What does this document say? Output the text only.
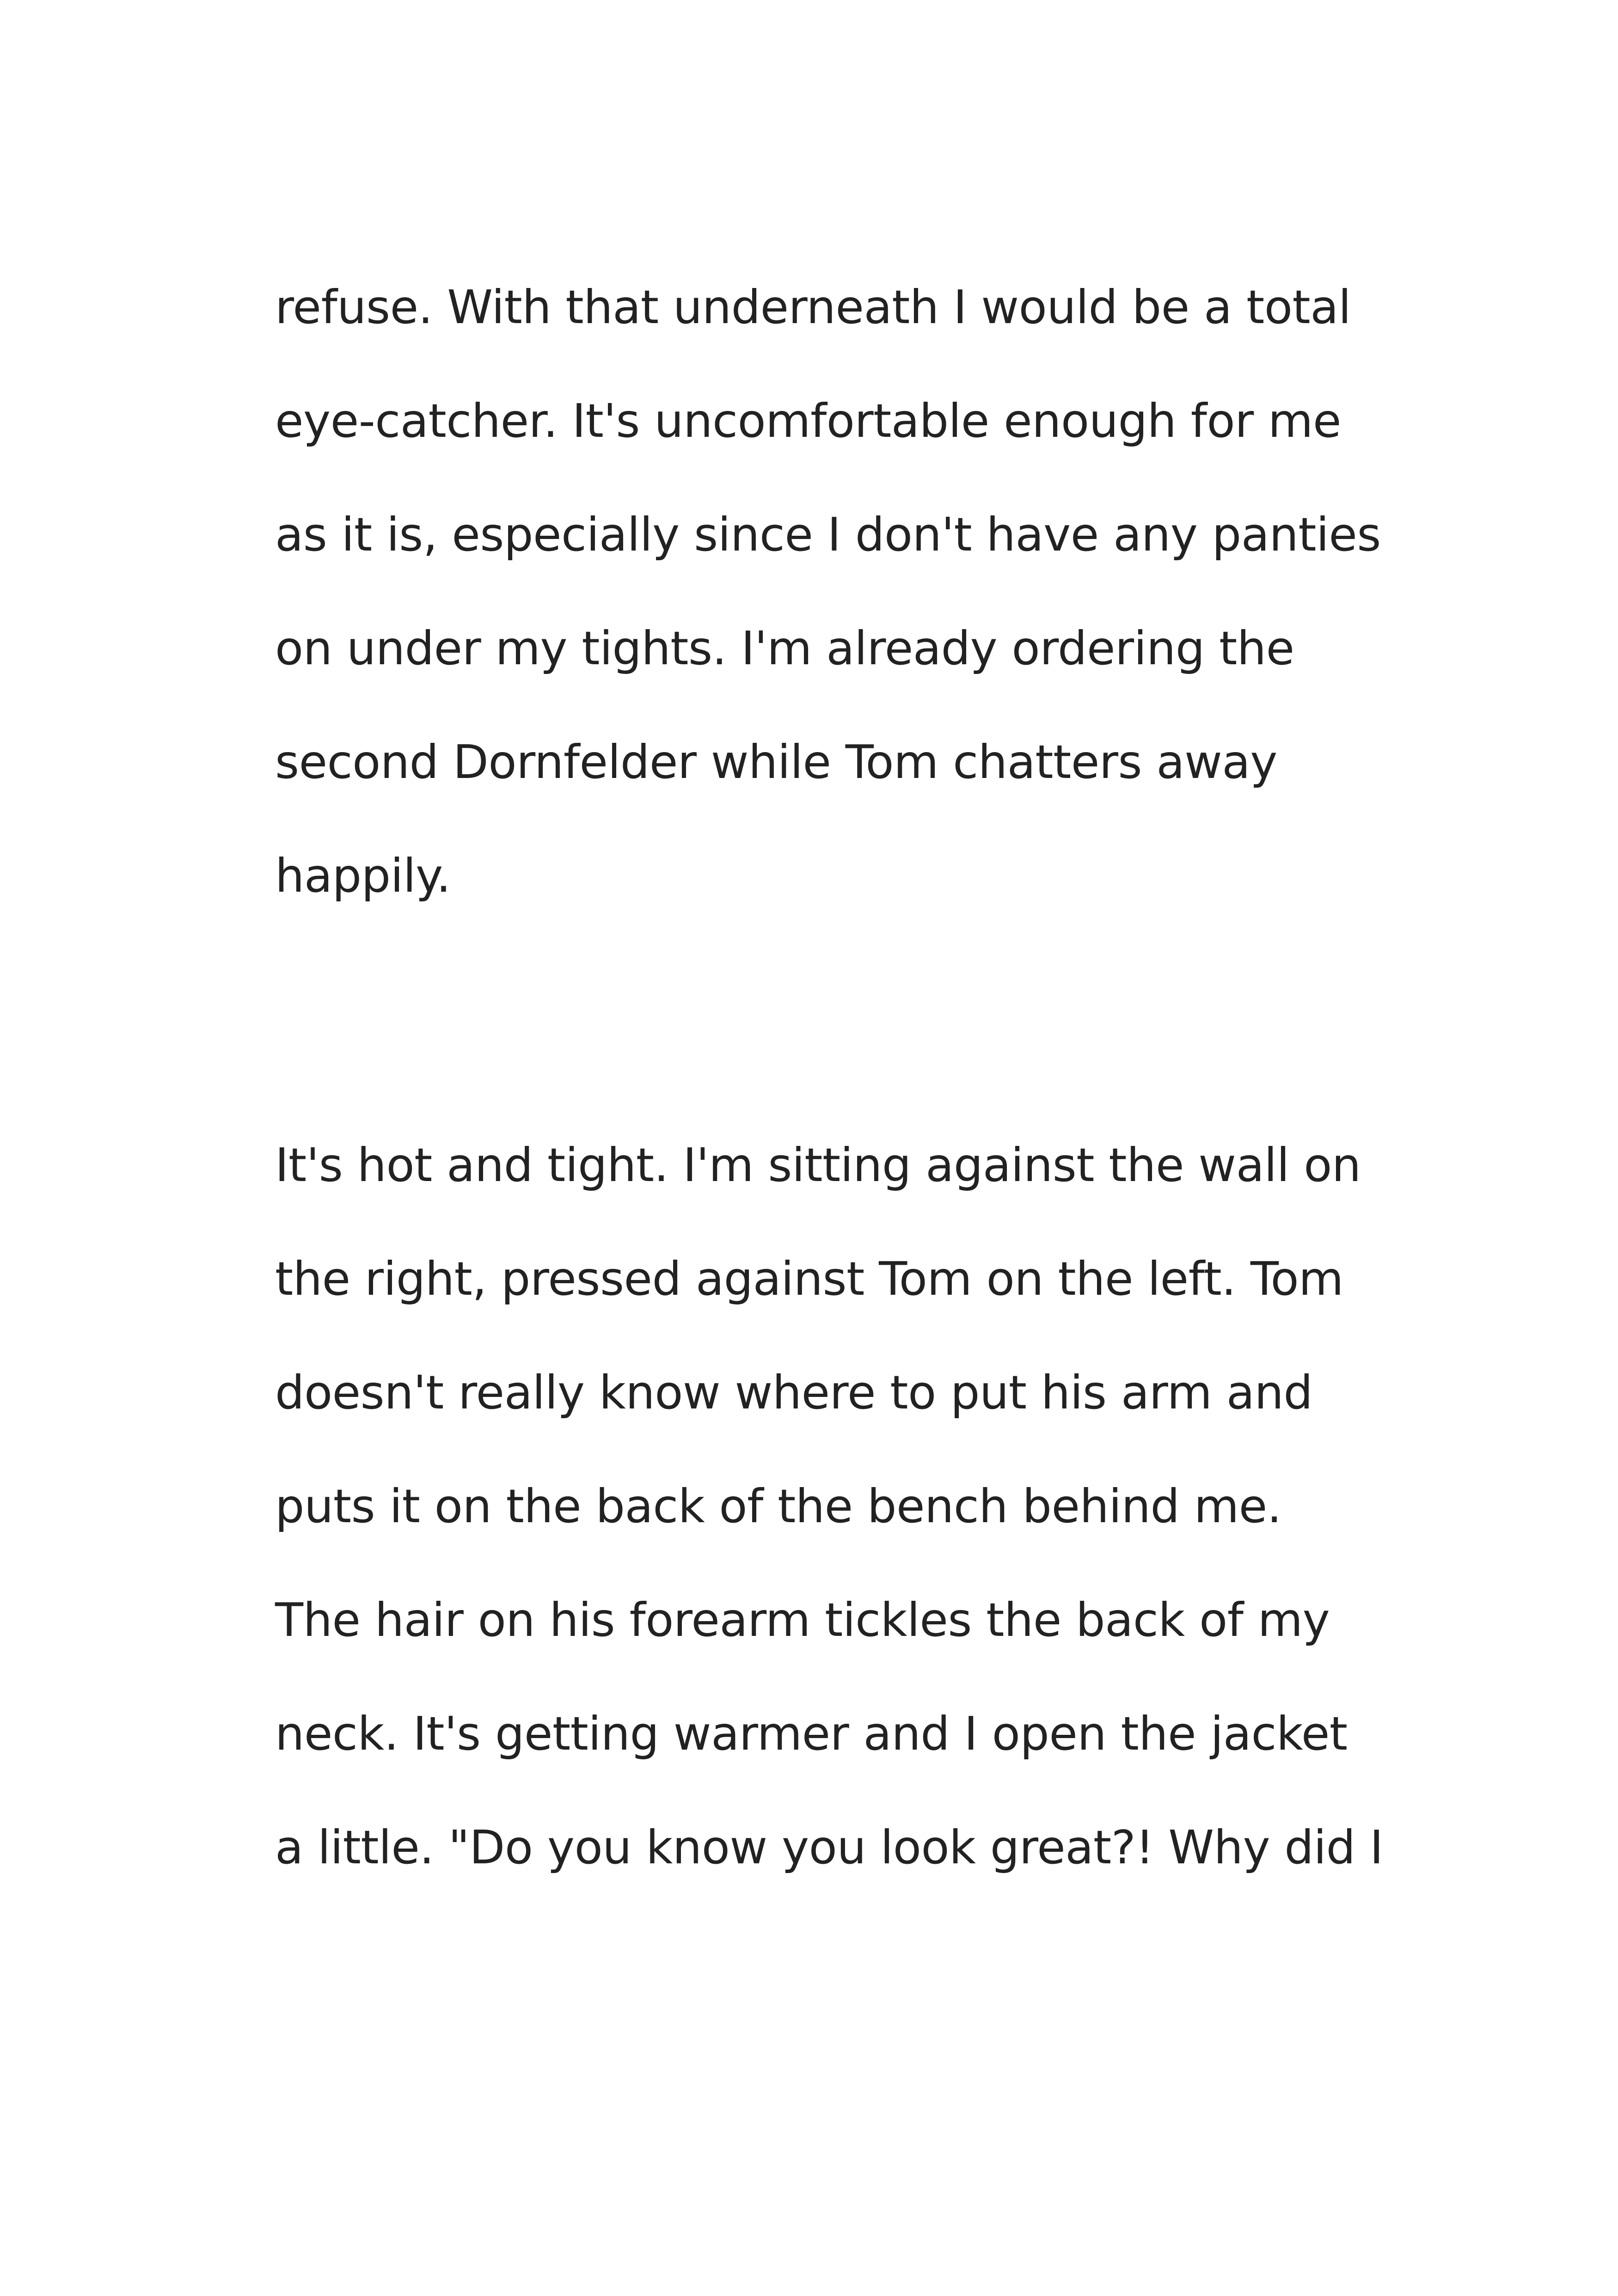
refuse. With that underneath I would be a total
eye-catcher. It's uncomfortable enough for me
as it is, especially since I don't have any panties
on under my tights. I'm already ordering the
second Dornfelder while Tom chatters away
happily.
It's hot and tight. I'm sitting against the wall on
the right, pressed against Tom on the left. Tom
doesn't really know where to put his arm and
puts it on the back of the bench behind me.
The hair on his forearm tickles the back of my
neck. It's getting warmer and I open the jacket
a little. "Do you know you look great?! Why did I
